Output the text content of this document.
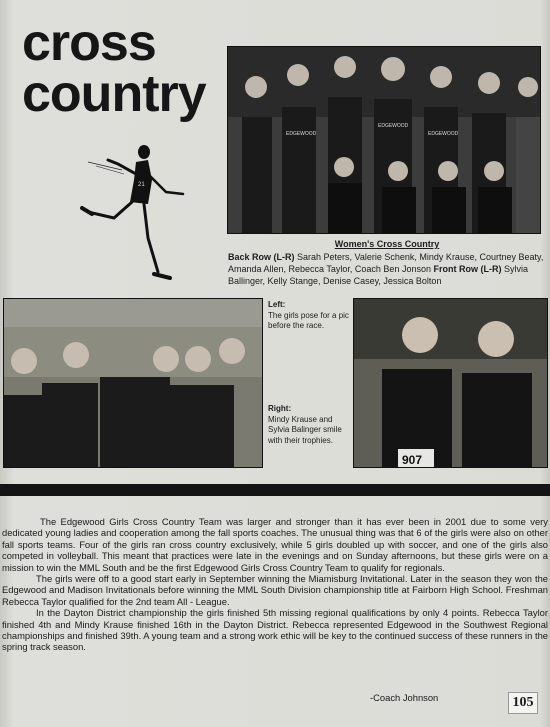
cross
country
21
EDGEWOOD
EDGEWOOD
EDGEWOOD
Women's Cross Country
Back Row (L-R) Sarah Peters, Valerie Schenk, Mindy Krause, Courtney Beaty, Amanda Allen, Rebecca Taylor, Coach Ben Jonson Front Row (L-R) Sylvia Ballinger, Kelly Stange, Denise Casey, Jessica Bolton
Left:
The girls pose for a pic before the race.
Right:
Mindy Krause and Sylvia Balinger smile with their trophies.
907

The Edgewood Girls Cross Country Team was larger and stronger than it has ever been in 2001 due to some very dedicated young ladies and cooperation among the fall sports coaches. The unusual thing was that 6 of the girls were also on other fall sports teams. Four of the girls ran cross country exclusively, while 5 girls doubled up with soccer, and one of the girls also competed in volleyball. This meant that practices were late in the evenings and on Sunday afternoons, but these girls were on a mission to win the MML South and be the first Edgewood Girls Cross Country Team to qualify for regionals.

The girls were off to a good start early in September winning the Miamisburg Invitational. Later in the season they won the Edgewood and Madison Invitationals before winning the MML South Division championship title at Fairborn High School. Freshman Rebecca Taylor qualified for the 2nd team All - League.

In the Dayton District championship the girls finished 5th missing regional qualifications by only 4 points. Rebecca Taylor finished 4th and Mindy Krause finished 16th in the Dayton District. Rebecca represented Edgewood in the Southwest Regional championships and finished 39th. A young team and a strong work ethic will be key to the continued success of these runners in the spring track season.

-Coach Johnson	105
